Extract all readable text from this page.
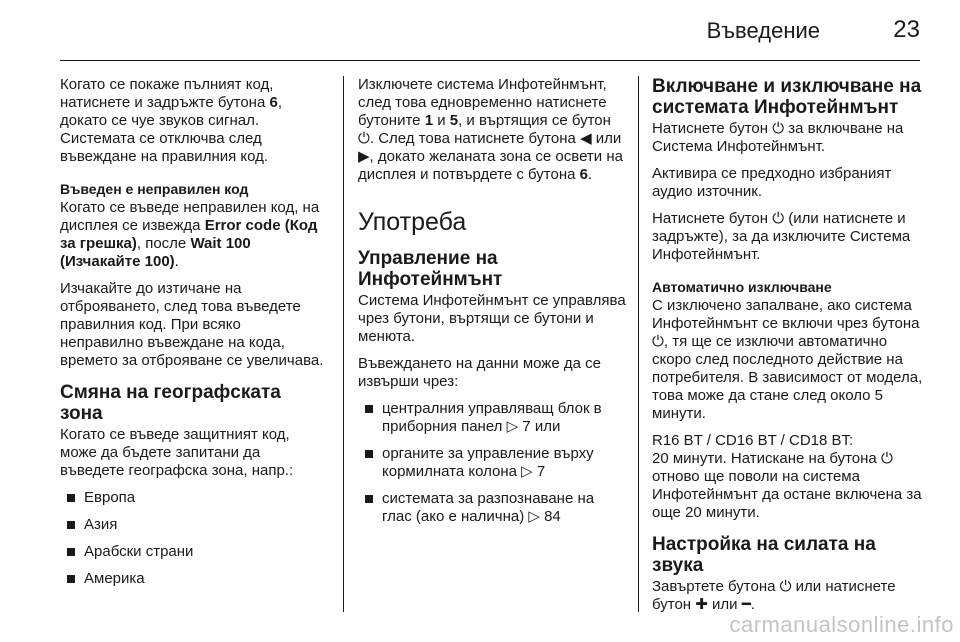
Въведение	23

Когато се покаже пълният код, натиснете и задръжте бутона 6, докато се чуе звуков сигнал. Системата се отключва след въвеждане на правилния код.

Въведен е неправилен код

Когато се въведе неправилен код, на дисплея се извежда Error code (Код за грешка), после Wait 100 (Изчакайте 100).

Изчакайте до изтичане на отброяването, след това въведете правилния код. При всяко неправилно въвеждане на кода, времето за отброяване се увеличава.

Смяна на географската зона

Когато се въведе защитният код, може да бъдете запитани да въведете географска зона, напр.:

Европа
Азия
Арабски страни
Америка

Изключете система Инфотейнмънт, след това едновременно натиснете бутоните 1 и 5, и въртящия се бутон ⏻. След това натиснете бутона ◀ или ▶, докато желаната зона се освети на дисплея и потвърдете с бутона 6.

Употреба
Управление на Инфотейнмънт

Система Инфотейнмънт се управлява чрез бутони, въртящи се бутони и менюта.

Въвеждането на данни може да се извърши чрез:

централния управляващ блок в приборния панел ▷ 7 или
органите за управление върху кормилната колона ▷ 7
системата за разпознаване на глас (ако е налична) ▷ 84
Включване и изключване на системата Инфотейнмънт

Натиснете бутон ⏻ за включване на Система Инфотейнмънт.

Активира се предходно избраният аудио източник.

Натиснете бутон ⏻ (или натиснете и задръжте), за да изключите Система Инфотейнмънт.

Автоматично изключване

С изключено запалване, ако система Инфотейнмънт се включи чрез бутона ⏻, тя ще се изключи автоматично скоро след последното действие на потребителя. В зависимост от модела, това може да стане след около 5 минути.

R16 BT / CD16 BT / CD18 BT:
20 минути. Натискане на бутона ⏻ отново ще поволи на система Инфотейнмънт да остане включена за още 20 минути.

Настройка на силата на звука

Завъртете бутона ⏻ или натиснете бутон ✚ или ━.

carmanualsonline.info
